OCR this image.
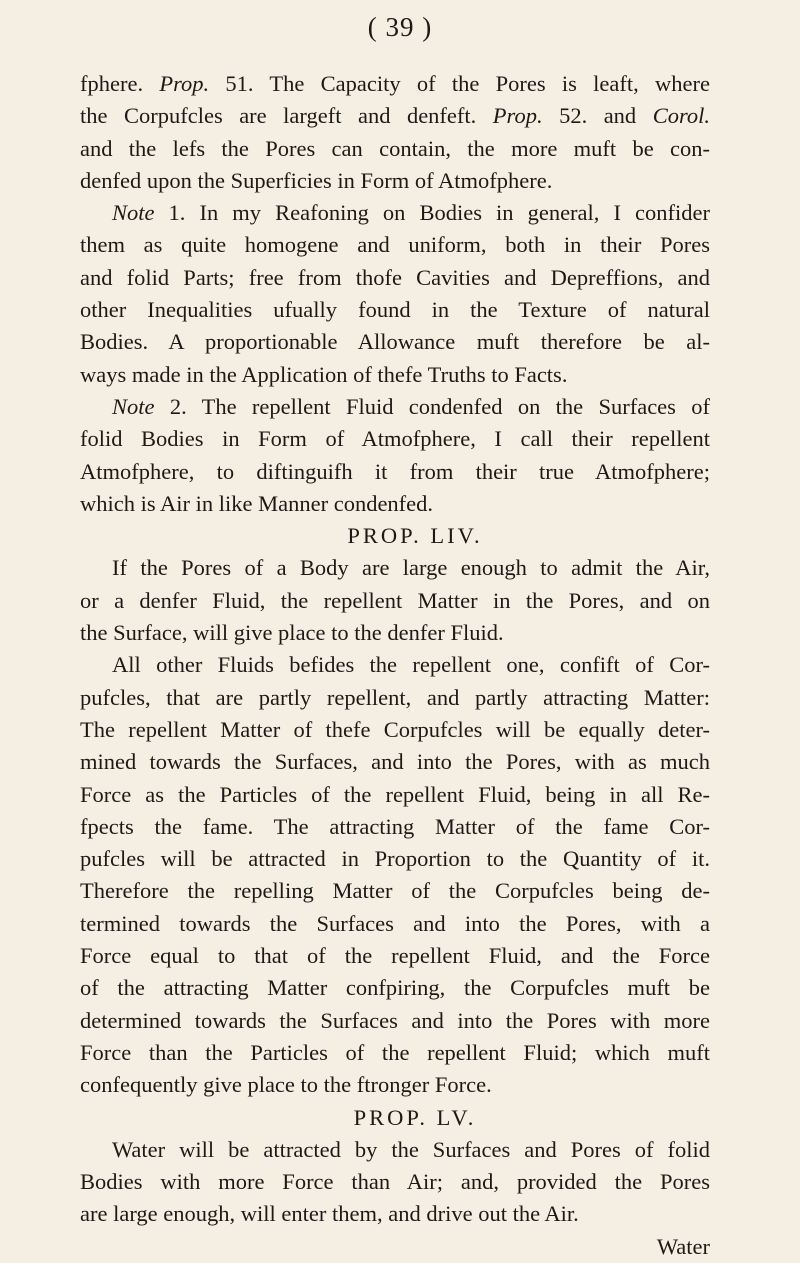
( 39 )
fphere. Prop. 51. The Capacity of the Pores is leaft, where
the Corpufcles are largeft and denfeft. Prop. 52. and Corol.
and the lefs the Pores can contain, the more muft be con-
denfed upon the Superficies in Form of Atmofphere.
Note 1. In my Reafoning on Bodies in general, I confider
them as quite homogene and uniform, both in their Pores
and folid Parts; free from thofe Cavities and Depreffions, and
other Inequalities ufually found in the Texture of natural
Bodies. A proportionable Allowance muft therefore be al-
ways made in the Application of thefe Truths to Facts.
Note 2. The repellent Fluid condenfed on the Surfaces of
folid Bodies in Form of Atmofphere, I call their repellent
Atmofphere, to diftinguifh it from their true Atmofphere;
which is Air in like Manner condenfed.
PROP. LIV.
If the Pores of a Body are large enough to admit the Air,
or a denfer Fluid, the repellent Matter in the Pores, and on
the Surface, will give place to the denfer Fluid.
All other Fluids befides the repellent one, confift of Cor-
pufcles, that are partly repellent, and partly attracting Matter:
The repellent Matter of thefe Corpufcles will be equally deter-
mined towards the Surfaces, and into the Pores, with as much
Force as the Particles of the repellent Fluid, being in all Re-
fpects the fame. The attracting Matter of the fame Cor-
pufcles will be attracted in Proportion to the Quantity of it.
Therefore the repelling Matter of the Corpufcles being de-
termined towards the Surfaces and into the Pores, with a
Force equal to that of the repellent Fluid, and the Force
of the attracting Matter confpiring, the Corpufcles muft be
determined towards the Surfaces and into the Pores with more
Force than the Particles of the repellent Fluid; which muft
confequently give place to the ftronger Force.
PROP. LV.
Water will be attracted by the Surfaces and Pores of folid
Bodies with more Force than Air; and, provided the Pores
are large enough, will enter them, and drive out the Air.
Water
